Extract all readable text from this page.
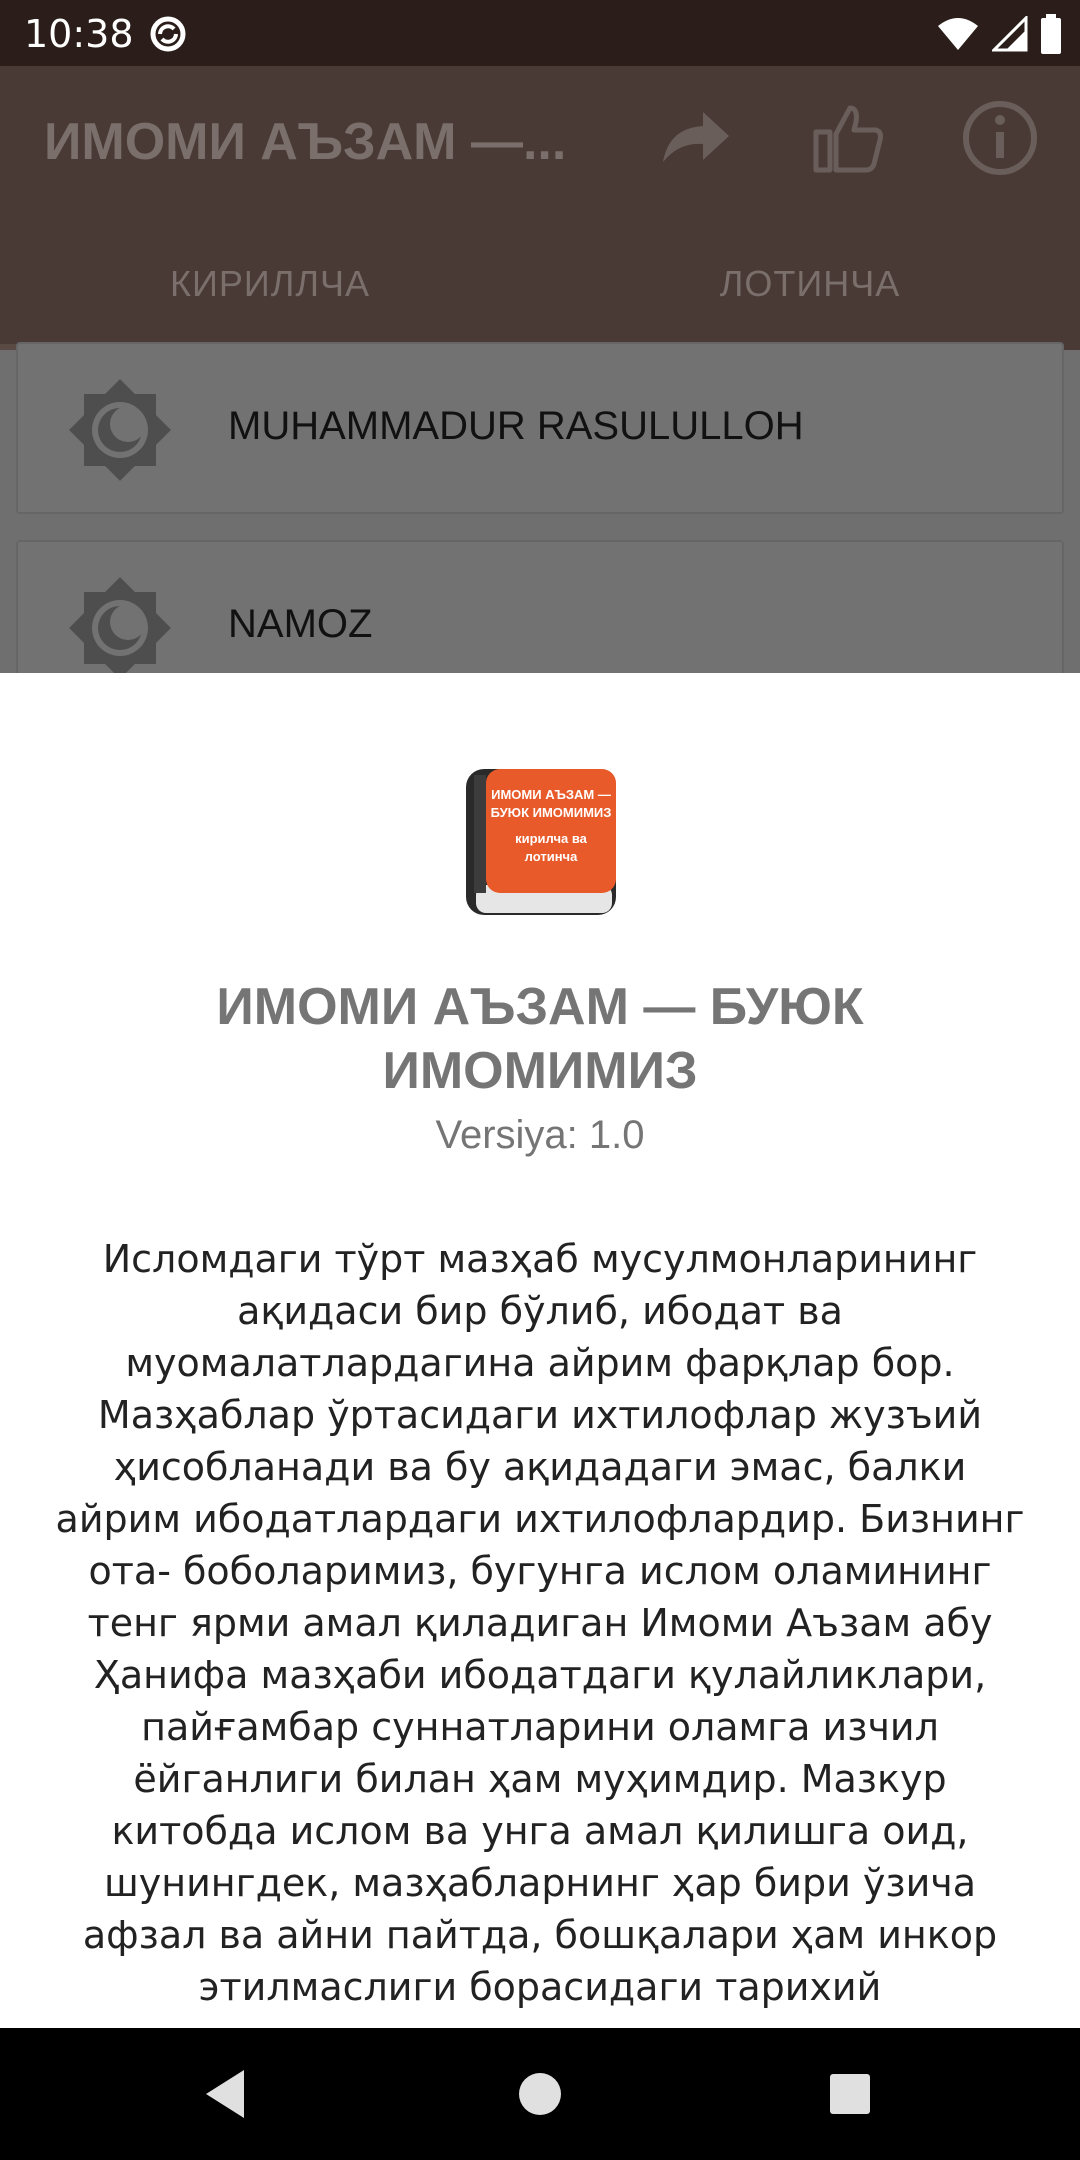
10:38
ИМОМИ АЪЗАМ —...
КИРИЛЛЧА	ЛОТИНЧА
MUHAMMADUR RASULULLOH
NAMOZ
ИМОМИ АЪЗАМ —
БУЮК ИМОМИМИЗ
кирилча ва
лотинча
ИМОМИ АЪЗАМ — БУЮК ИМОМИМИЗ
Versiya: 1.0
Исломдаги тўрт мазҳаб мусулмонларининг ақидаси бир бўлиб, ибодат ва муомалатлардагина айрим фарқлар бор. Мазҳаблар ўртасидаги ихтилофлар жузъий ҳисобланади ва бу ақидадаги эмас, балки айрим ибодатлардаги ихтилофлардир. Бизнинг ота- боболаримиз, бугунга ислом оламининг тенг ярми амал қиладиган Имоми Аъзам абу Ҳанифа мазҳаби ибодатдаги қулайликлари, пайғамбар суннатларини оламга изчил ёйганлиги билан ҳам муҳимдир. Мазкур китобда ислом ва унга амал қилишга оид, шунингдек, мазҳабларнинг ҳар бири ўзича афзал ва айни пайтда, бошқалари ҳам инкор этилмаслиги борасидаги тарихий
